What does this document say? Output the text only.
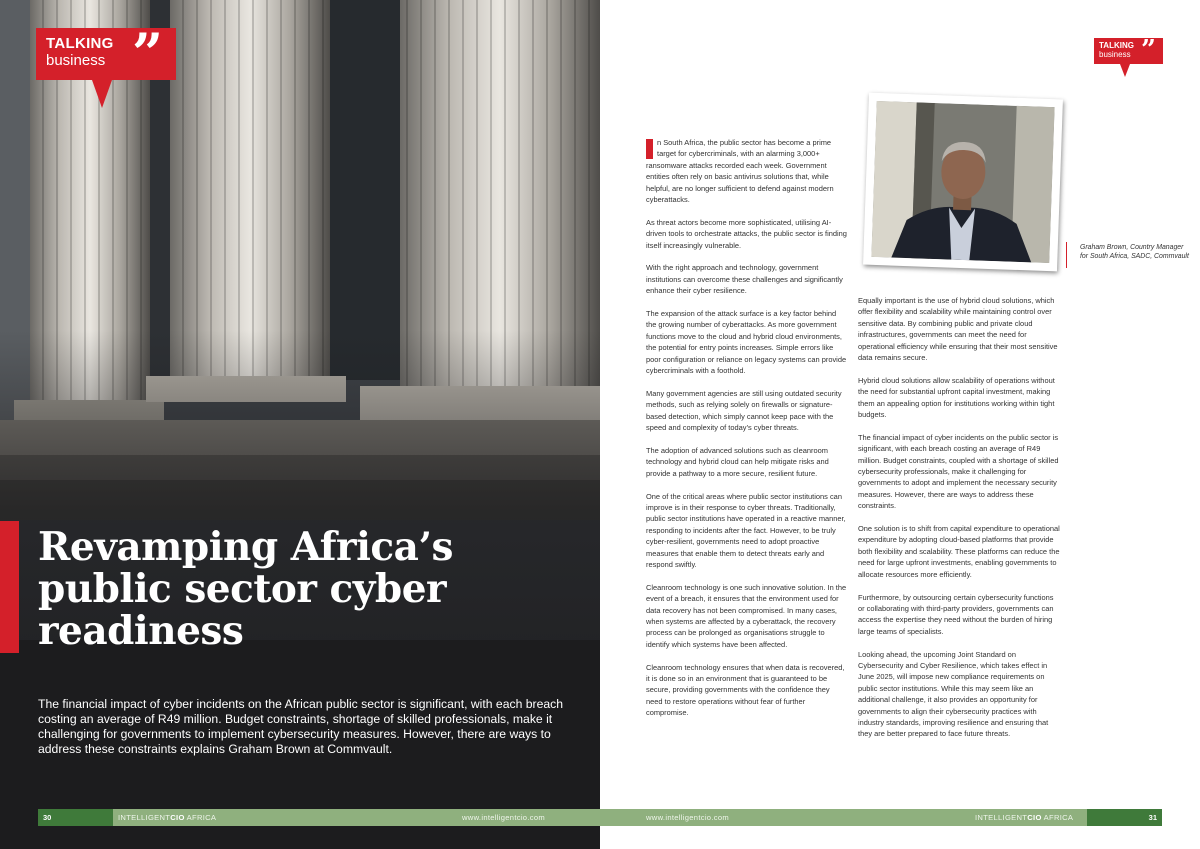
TALKING
business ”
Revamping Africa’s public sector cyber readiness

The financial impact of cyber incidents on the African public sector is significant, with each breach costing an average of R49 million. Budget constraints, shortage of skilled professionals, make it challenging for governments to implement cybersecurity measures. However, there are ways to address these constraints explains Graham Brown at Commvault.

TALKING
business ”

Graham Brown, Country Manager for South Africa, SADC, Commvault

n South Africa, the public sector has become a prime target for cybercriminals, with an alarming 3,000+ ransomware attacks recorded each week. Government entities often rely on basic antivirus solutions that, while helpful, are no longer sufficient to defend against modern cyberattacks.

As threat actors become more sophisticated, utilising AI-driven tools to orchestrate attacks, the public sector is finding itself increasingly vulnerable.

With the right approach and technology, government institutions can overcome these challenges and significantly enhance their cyber resilience.

The expansion of the attack surface is a key factor behind the growing number of cyberattacks. As more government functions move to the cloud and hybrid cloud environments, the potential for entry points increases. Simple errors like poor configuration or reliance on legacy systems can provide cybercriminals with a foothold.

Many government agencies are still using outdated security methods, such as relying solely on firewalls or signature-based detection, which simply cannot keep pace with the speed and complexity of today’s cyber threats.

The adoption of advanced solutions such as cleanroom technology and hybrid cloud can help mitigate risks and provide a pathway to a more secure, resilient future.

One of the critical areas where public sector institutions can improve is in their response to cyber threats. Traditionally, public sector institutions have operated in a reactive manner, responding to incidents after the fact. However, to be truly cyber-resilient, governments need to adopt proactive measures that enable them to detect threats early and respond swiftly.

Cleanroom technology is one such innovative solution. In the event of a breach, it ensures that the environment used for data recovery has not been compromised. In many cases, when systems are affected by a cyberattack, the recovery process can be prolonged as organisations struggle to identify which systems have been affected.

Cleanroom technology ensures that when data is recovered, it is done so in an environment that is guaranteed to be secure, providing governments with the confidence they need to restore operations without fear of further compromise.

Equally important is the use of hybrid cloud solutions, which offer flexibility and scalability while maintaining control over sensitive data. By combining public and private cloud infrastructures, governments can meet the need for operational efficiency while ensuring that their most sensitive data remains secure.

Hybrid cloud solutions allow scalability of operations without the need for substantial upfront capital investment, making them an appealing option for institutions working within tight budgets.

The financial impact of cyber incidents on the public sector is significant, with each breach costing an average of R49 million. Budget constraints, coupled with a shortage of skilled cybersecurity professionals, make it challenging for governments to adopt and implement the necessary security measures. However, there are ways to address these constraints.

One solution is to shift from capital expenditure to operational expenditure by adopting cloud-based platforms that provide both flexibility and scalability. These platforms can reduce the need for large upfront investments, enabling governments to allocate resources more efficiently.

Furthermore, by outsourcing certain cybersecurity functions or collaborating with third-party providers, governments can access the expertise they need without the burden of hiring large teams of specialists.

Looking ahead, the upcoming Joint Standard on Cybersecurity and Cyber Resilience, which takes effect in June 2025, will impose new compliance requirements on public sector institutions. While this may seem like an additional challenge, it also provides an opportunity for governments to align their cybersecurity practices with industry standards, improving resilience and ensuring that they are better prepared to face future threats.

30	INTELLIGENTCIO AFRICA	www.intelligentcio.com	31
www.intelligentcio.com	INTELLIGENTCIO AFRICA
